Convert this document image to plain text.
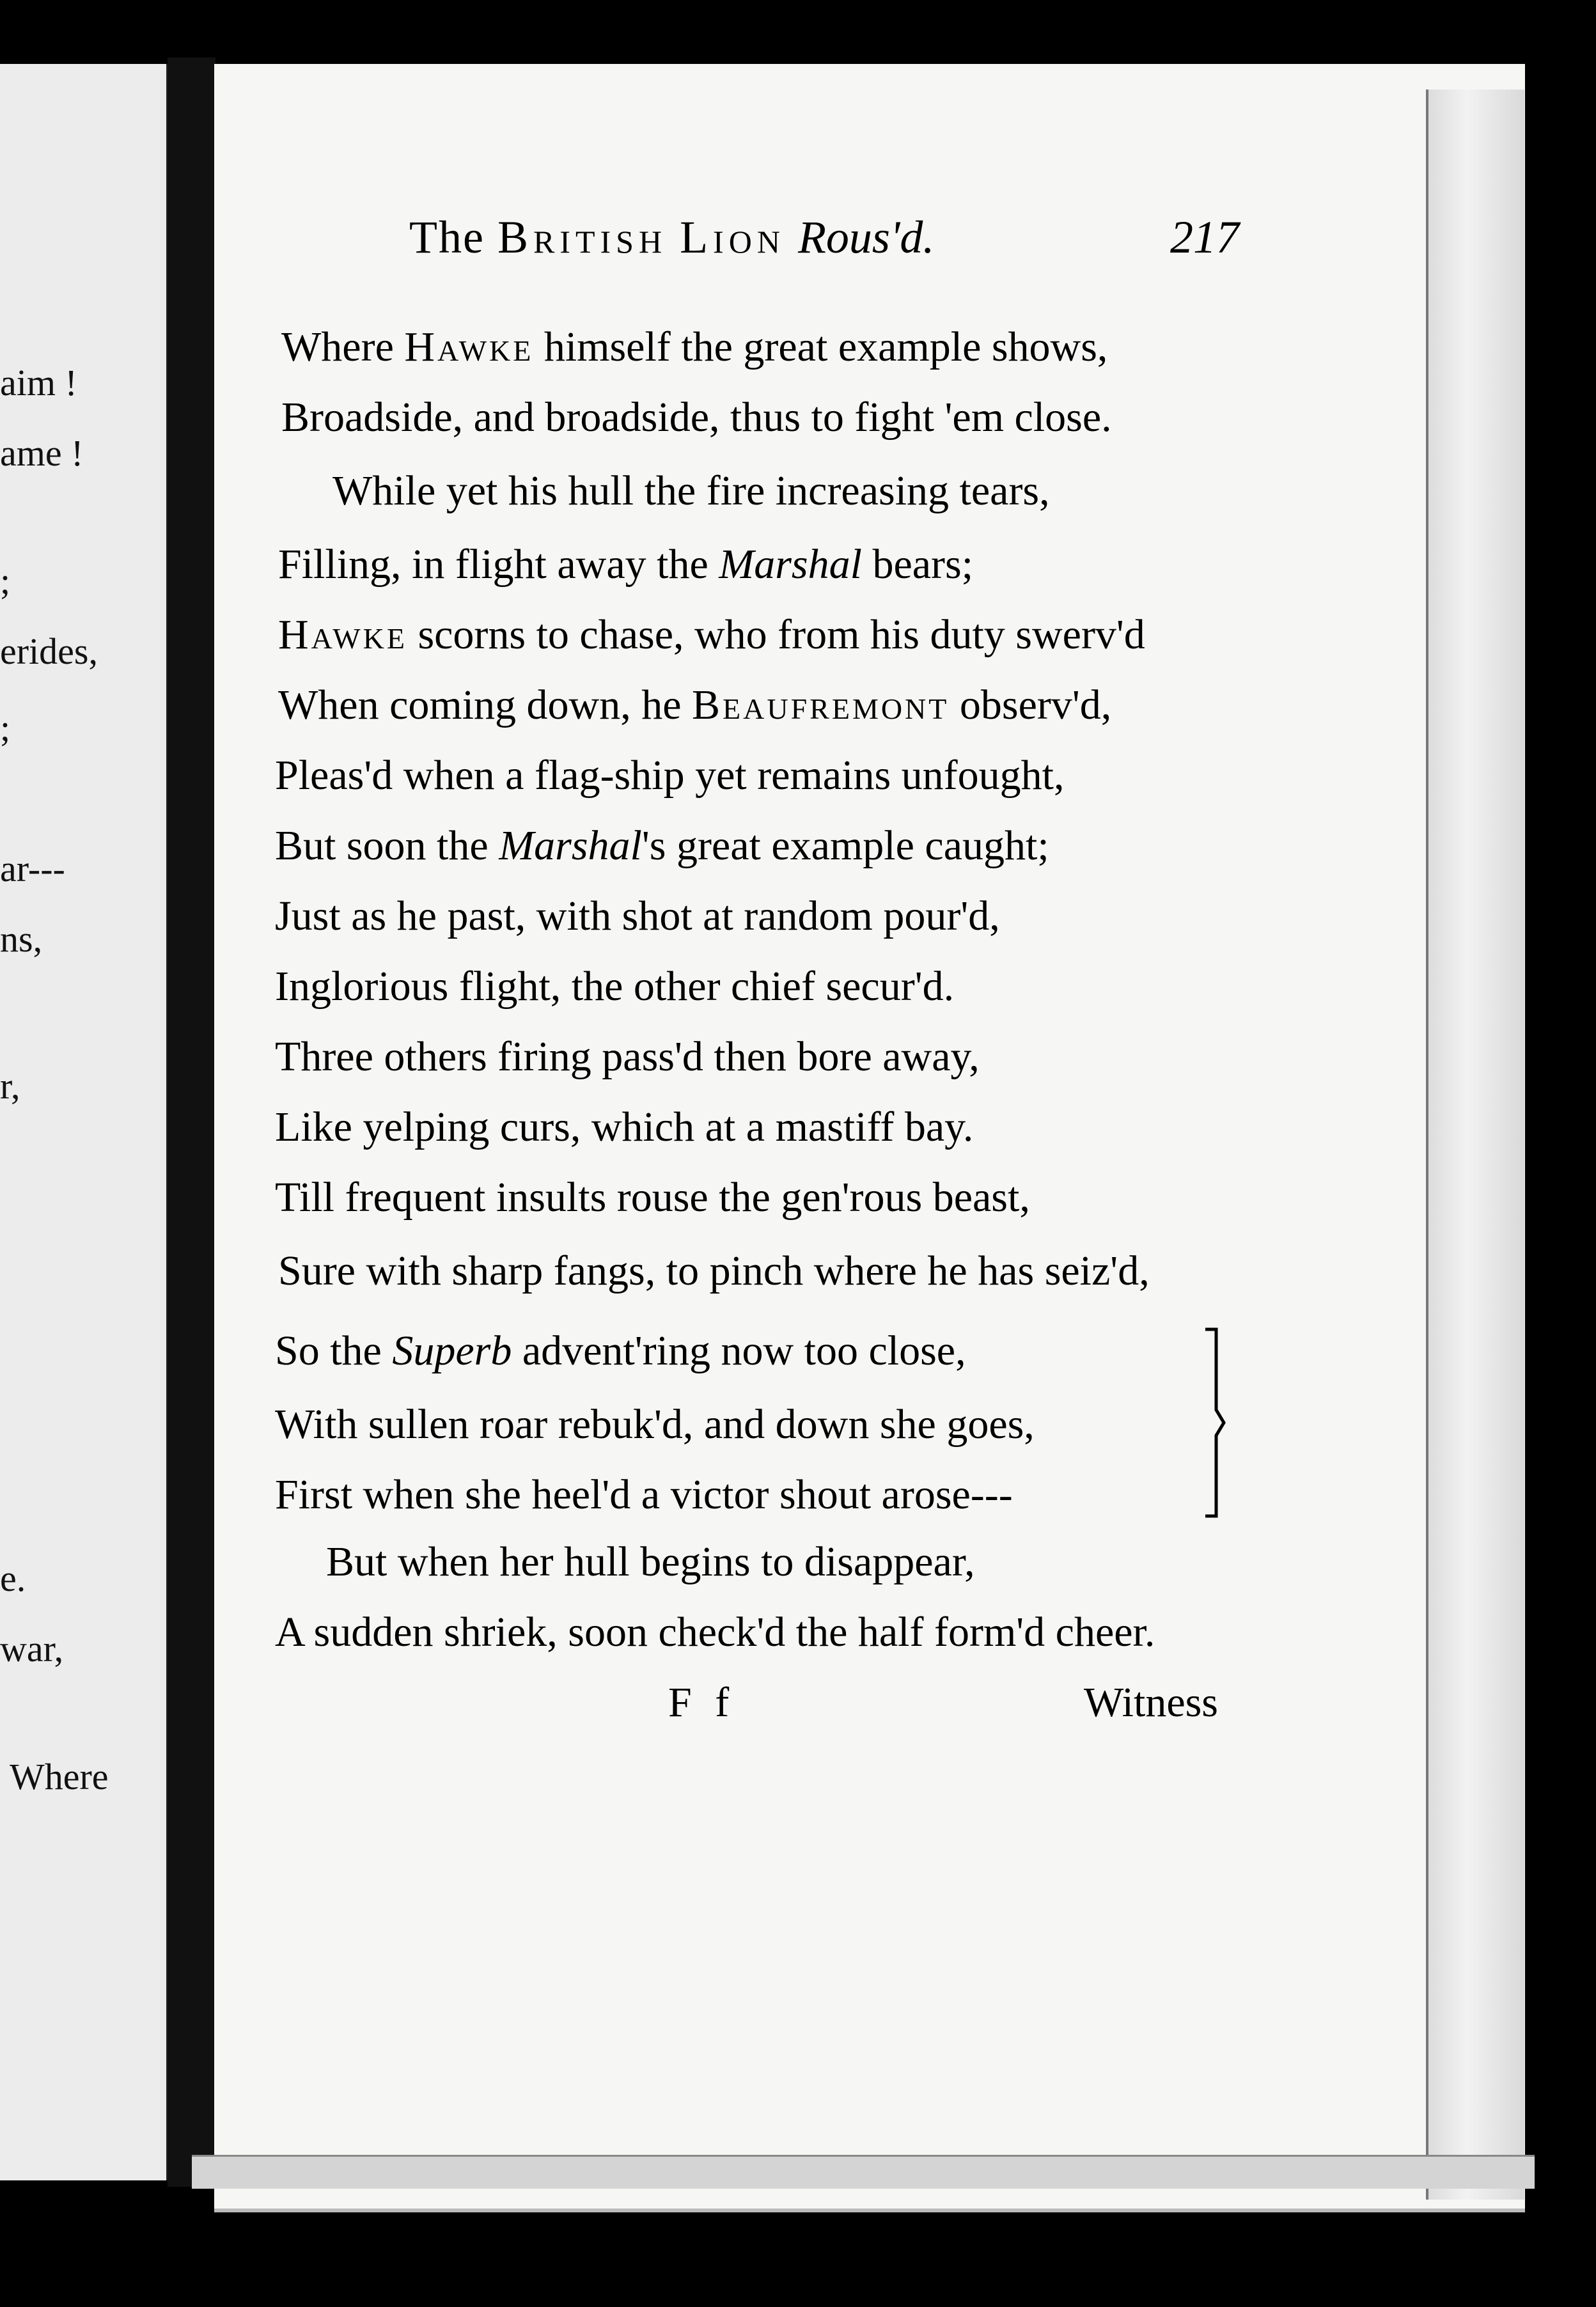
aim !
ame !
;
erides,
;
ar---
ns,
r,
e.
war,
Where
The British Lion Rous'd.	217
Where Hawke himself the great example shows,
Broadside, and broadside, thus to fight 'em close.
While yet his hull the fire increasing tears,
Filling, in flight away the Marshal bears;
Hawke scorns to chase, who from his duty swerv'd
When coming down, he Beaufremont observ'd,
Pleas'd when a flag-ship yet remains unfought,
But soon the Marshal's great example caught;
Just as he past, with shot at random pour'd,
Inglorious flight, the other chief secur'd.
Three others firing pass'd then bore away,
Like yelping curs, which at a mastiff bay.
Till frequent insults rouse the gen'rous beast,
Sure with sharp fangs, to pinch where he has seiz'd,
So the Superb advent'ring now too close,
With sullen roar rebuk'd, and down she goes,
First when she heel'd a victor shout arose---
But when her hull begins to disappear,
A sudden shriek, soon check'd the half form'd cheer.
F f	Witness
